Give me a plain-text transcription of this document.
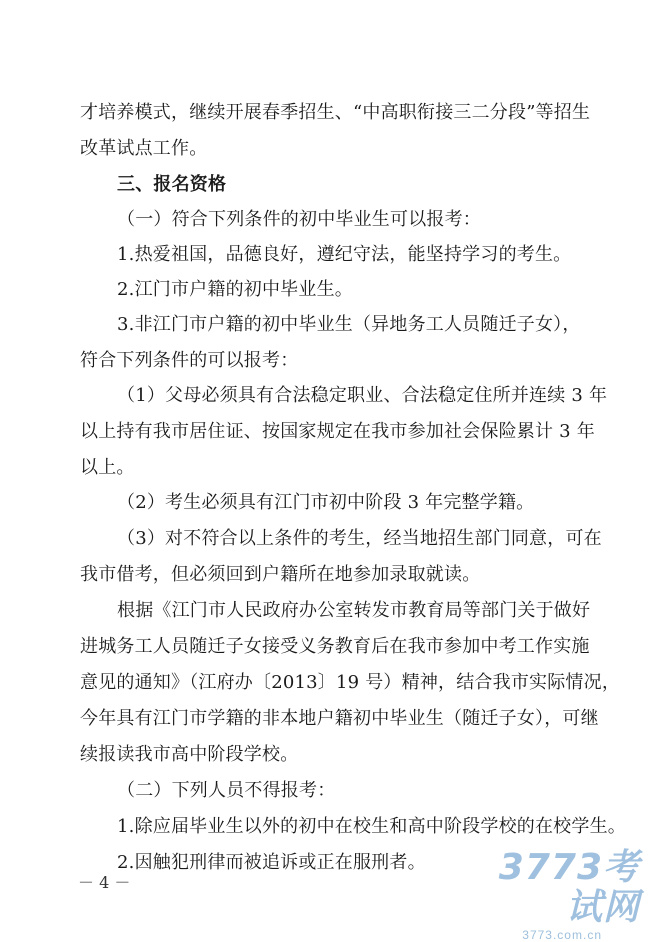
才培养模式，继续开展春季招生、“中高职衔接三二分段”等招生
改革试点工作。
三、报名资格
（一）符合下列条件的初中毕业生可以报考：
1.热爱祖国，品德良好，遵纪守法，能坚持学习的考生。
2.江门市户籍的初中毕业生。
3.非江门市户籍的初中毕业生（异地务工人员随迁子女），
符合下列条件的可以报考：
（1）父母必须具有合法稳定职业、合法稳定住所并连续 3 年
以上持有我市居住证、按国家规定在我市参加社会保险累计 3 年
以上。
（2）考生必须具有江门市初中阶段 3 年完整学籍。
（3）对不符合以上条件的考生，经当地招生部门同意，可在
我市借考，但必须回到户籍所在地参加录取就读。
根据《江门市人民政府办公室转发市教育局等部门关于做好
进城务工人员随迁子女接受义务教育后在我市参加中考工作实施
意见的通知》（江府办〔2013〕19 号）精神，结合我市实际情况，
今年具有江门市学籍的非本地户籍初中毕业生（随迁子女），可继
续报读我市高中阶段学校。
（二）下列人员不得报考：
1.除应届毕业生以外的初中在校生和高中阶段学校的在校学生。
2.因触犯刑律而被追诉或正在服刑者。
－ 4 －	3773考试网
3773.com.cn
